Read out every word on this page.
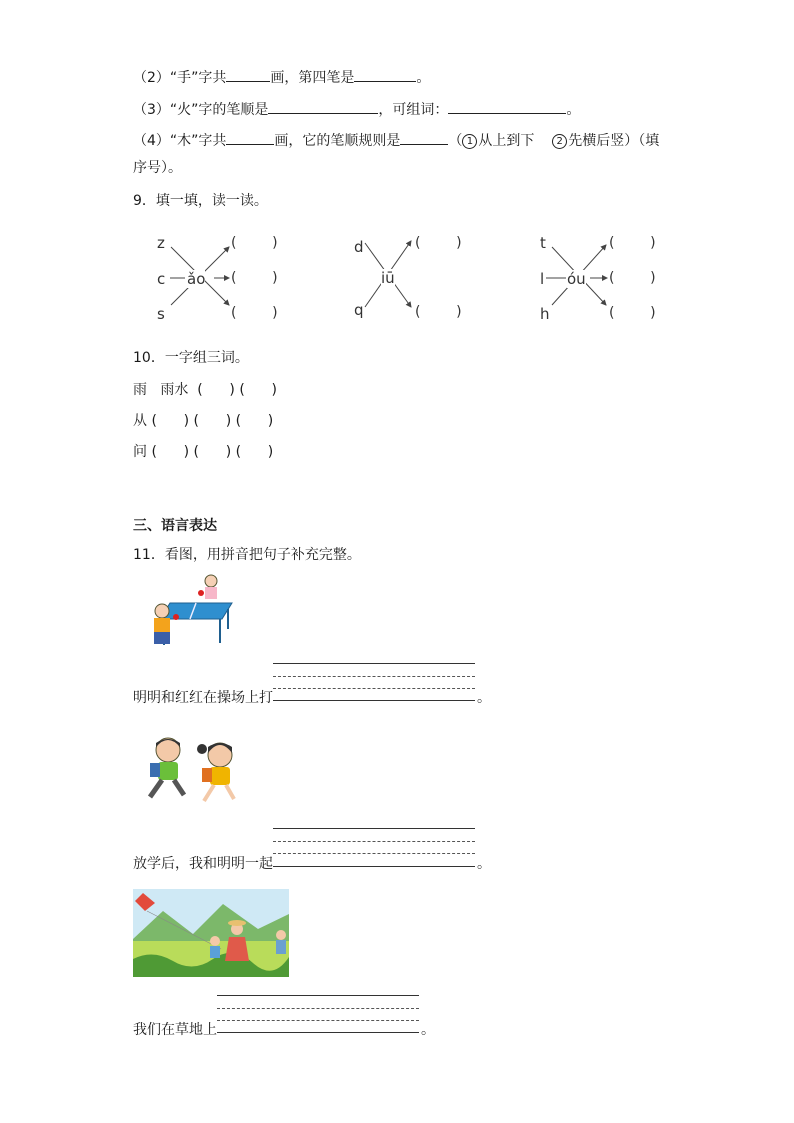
（2）“手”字共	画，第四笔是	。
（3）“火”字的笔顺是	，可组词：	。
（4）“木”字共	画，它的笔顺规则是	（ 1 从上到下 2 先横后竖）（填
序号）。
9．填一填，读一读。
z
c
s
ǎo
(        )
(        )
(        )
d
q
iū
(        )
(        )
t
l
h
óu
(        )
(        )
(        )
10．一字组三词。
雨 雨水 (      ) (      )
从 (      ) (      ) (      )
问 (      ) (      ) (      )
三、语言表达
11．看图，用拼音把句子补充完整。
明明和红红在操场上打	。
放学后，我和明明一起	。
我们在草地上	。
